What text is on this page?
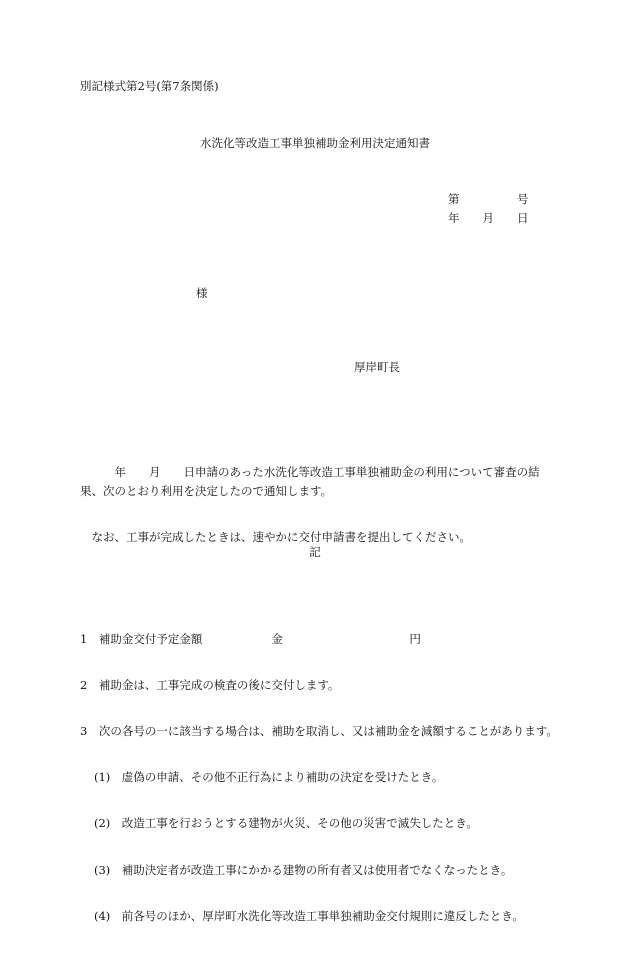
別記様式第2号(第7条関係)
水洗化等改造工事単独補助金利用決定通知書
第　　　　　号
年　　月　　日
様
厚岸町長

　　　年　　月　　日申請のあった水洗化等改造工事単独補助金の利用について審査の結果、次のとおり利用を決定したので通知します。

　なお、工事が完成したときは、速やかに交付申請書を提出してください。

記

1　補助金交付予定金額　　　　　　金　　　　　　　　　　　円

2　補助金は、工事完成の検査の後に交付します。

3　次の各号の一に該当する場合は、補助を取消し、又は補助金を減額することがあります。

(1)　虚偽の申請、その他不正行為により補助の決定を受けたとき。

(2)　改造工事を行おうとする建物が火災、その他の災害で滅失したとき。

(3)　補助決定者が改造工事にかかる建物の所有者又は使用者でなくなったとき。

(4)　前各号のほか、厚岸町水洗化等改造工事単独補助金交付規則に違反したとき。
